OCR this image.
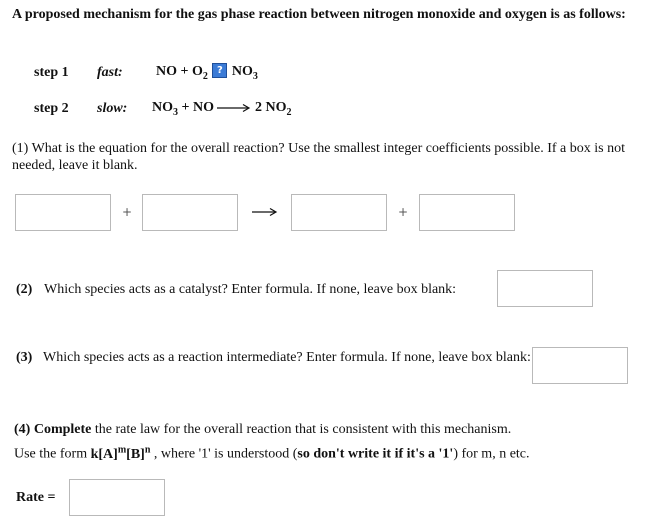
A proposed mechanism for the gas phase reaction between nitrogen monoxide and oxygen is as follows:
step 1 fast: NO + $O_2$ ? $NO_3$
step 2 slow: $NO_3$ + NO → 2 $NO_2$
(1) What is the equation for the overall reaction? Use the smallest integer coefficients possible. If a box is not needed, leave it blank.
+	+
(2) Which species acts as a catalyst? Enter formula. If none, leave box blank:
(3) Which species acts as a reaction intermediate? Enter formula. If none, leave box blank:
(4) Complete the rate law for the overall reaction that is consistent with this mechanism.
Use the form $k[A]^m[B]^n$ , where '1' is understood (so don't write it if it's a '1') for m, n etc.
Rate =
